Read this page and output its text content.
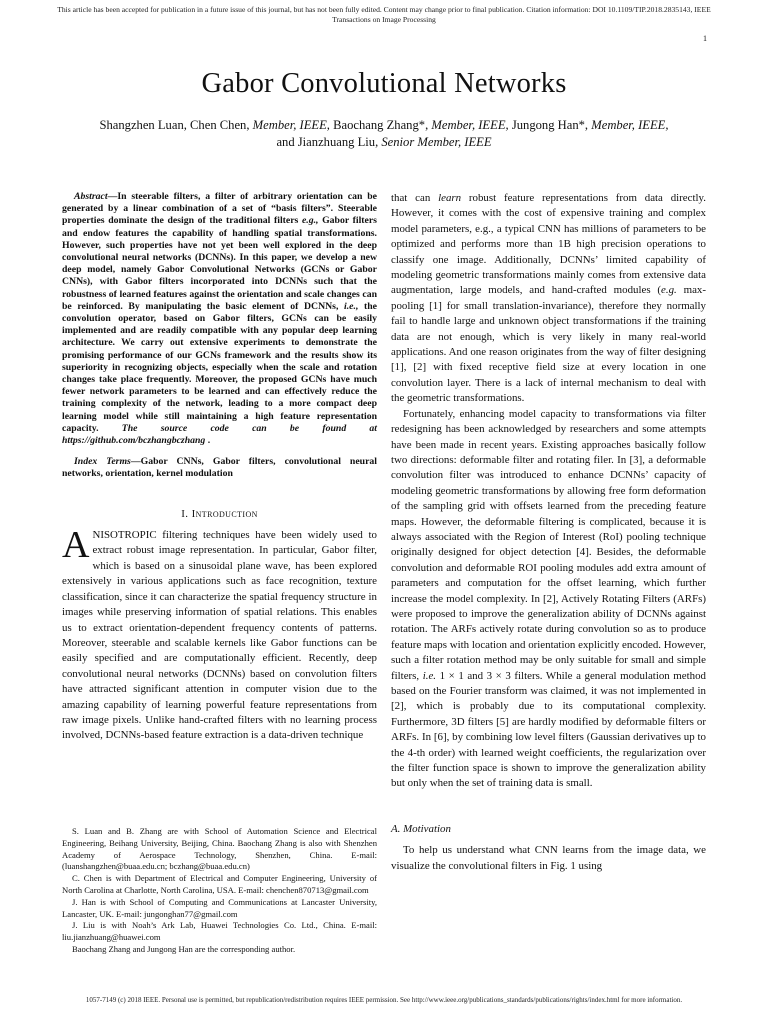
This article has been accepted for publication in a future issue of this journal, but has not been fully edited. Content may change prior to final publication. Citation information: DOI 10.1109/TIP.2018.2835143, IEEE
Transactions on Image Processing
1
Gabor Convolutional Networks
Shangzhen Luan, Chen Chen, Member, IEEE, Baochang Zhang*, Member, IEEE, Jungong Han*, Member, IEEE,
and Jianzhuang Liu, Senior Member, IEEE

Abstract—In steerable filters, a filter of arbitrary orientation can be generated by a linear combination of a set of “basis filters”. Steerable properties dominate the design of the traditional filters e.g., Gabor filters and endow features the capability of handling spatial transformations. However, such properties have not yet been well explored in the deep convolutional neural networks (DCNNs). In this paper, we develop a new deep model, namely Gabor Convolutional Networks (GCNs or Gabor CNNs), with Gabor filters incorporated into DCNNs such that the robustness of learned features against the orientation and scale changes can be reinforced. By manipulating the basic element of DCNNs, i.e., the convolution operator, based on Gabor filters, GCNs can be easily implemented and are readily compatible with any popular deep learning architecture. We carry out extensive experiments to demonstrate the promising performance of our GCNs framework and the results show its superiority in recognizing objects, especially when the scale and rotation changes take place frequently. Moreover, the proposed GCNs have much fewer network parameters to be learned and can effectively reduce the training complexity of the network, leading to a more compact deep learning model while still maintaining a high feature representation capacity. The source code can be found at https://github.com/bczhangbczhang .

Index Terms—Gabor CNNs, Gabor filters, convolutional neural networks, orientation, kernel modulation

I. Introduction

ANISOTROPIC filtering techniques have been widely used to extract robust image representation. In particular, Gabor filter, which is based on a sinusoidal plane wave, has been explored extensively in various applications such as face recognition, texture classification, since it can characterize the spatial frequency structure in images while preserving information of spatial relations. This enables us to extract orientation-dependent frequency contents of patterns. Moreover, steerable and scalable kernels like Gabor functions can be easily specified and are computationally efficient. Recently, deep convolutional neural networks (DCNNs) based on convolution filters have attracted significant attention in computer vision due to the amazing capability of learning powerful feature representations from raw image pixels. Unlike hand-crafted filters with no learning process involved, DCNNs-based feature extraction is a data-driven technique

S. Luan and B. Zhang are with School of Automation Science and Electrical Engineering, Beihang University, Beijing, China. Baochang Zhang is also with Shenzhen Academy of Aerospace Technology, Shenzhen, China. E-mail: (luanshangzhen@buaa.edu.cn; bczhang@buaa.edu.cn)

C. Chen is with Department of Electrical and Computer Engineering, University of North Carolina at Charlotte, North Carolina, USA. E-mail: chenchen870713@gmail.com

J. Han is with School of Computing and Communications at Lancaster University, Lancaster, UK. E-mail: jungonghan77@gmail.com

J. Liu is with Noah’s Ark Lab, Huawei Technologies Co. Ltd., China. E-mail: liu.jianzhuang@huawei.com

Baochang Zhang and Jungong Han are the corresponding author.

that can learn robust feature representations from data directly. However, it comes with the cost of expensive training and complex model parameters, e.g., a typical CNN has millions of parameters to be optimized and performs more than 1B high precision operations to classify one image. Additionally, DCNNs’ limited capability of modeling geometric transformations mainly comes from extensive data augmentation, large models, and hand-crafted modules (e.g. max-pooling [1] for small translation-invariance), therefore they normally fail to handle large and unknown object transformations if the training data are not enough, which is very likely in many real-world applications. And one reason originates from the way of filter designing [1], [2] with fixed receptive field size at every location in one convolution layer. There is a lack of internal mechanism to deal with the geometric transformations.

Fortunately, enhancing model capacity to transformations via filter redesigning has been acknowledged by researchers and some attempts have been made in recent years. Existing approaches basically follow two directions: deformable filter and rotating filer. In [3], a deformable convolution filter was introduced to enhance DCNNs’ capacity of modeling geometric transformations by allowing free form deformation of the sampling grid with offsets learned from the preceding feature maps. However, the deformable filtering is complicated, because it is always associated with the Region of Interest (RoI) pooling technique originally designed for object detection [4]. Besides, the deformable convolution and deformable ROI pooling modules add extra amount of parameters and computation for the offset learning, which further increase the model complexity. In [2], Actively Rotating Filters (ARFs) were proposed to improve the generalization ability of DCNNs against rotation. The ARFs actively rotate during convolution so as to produce feature maps with location and orientation explicitly encoded. However, such a filter rotation method may be only suitable for small and simple filters, i.e. 1 × 1 and 3 × 3 filters. While a general modulation method based on the Fourier transform was claimed, it was not implemented in [2], which is probably due to its computational complexity. Furthermore, 3D filters [5] are hardly modified by deformable filters or ARFs. In [6], by combining low level filters (Gaussian derivatives up to the 4-th order) with learned weight coefficients, the regularization over the filter function space is shown to improve the generalization ability but only when the set of training data is small.

A. Motivation

To help us understand what CNN learns from the image data, we visualize the convolutional filters in Fig. 1 using

1057-7149 (c) 2018 IEEE. Personal use is permitted, but republication/redistribution requires IEEE permission. See http://www.ieee.org/publications_standards/publications/rights/index.html for more information.
